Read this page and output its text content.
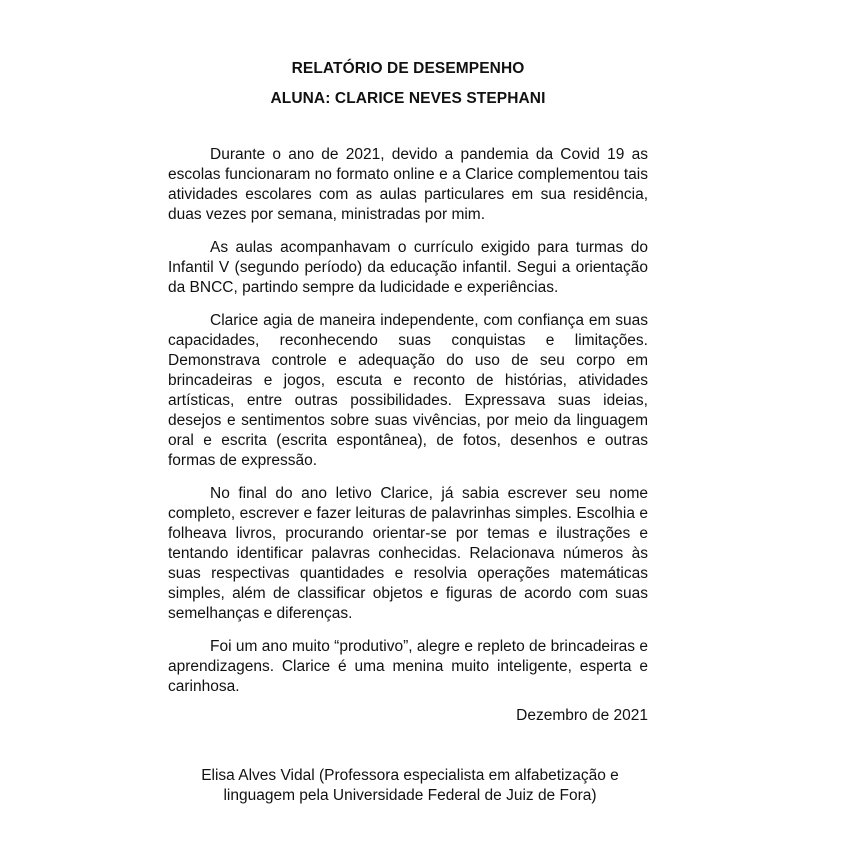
RELATÓRIO DE DESEMPENHO
ALUNA: CLARICE NEVES STEPHANI

Durante o ano de 2021, devido a pandemia da Covid 19 as escolas funcionaram no formato online e a Clarice complementou tais atividades escolares com as aulas particulares em sua residência, duas vezes por semana, ministradas por mim.

As aulas acompanhavam o currículo exigido para turmas do Infantil V (segundo período) da educação infantil. Segui a orientação da BNCC, partindo sempre da ludicidade e experiências.

Clarice agia de maneira independente, com confiança em suas capacidades, reconhecendo suas conquistas e limitações. Demonstrava controle e adequação do uso de seu corpo em brincadeiras e jogos, escuta e reconto de histórias, atividades artísticas, entre outras possibilidades. Expressava suas ideias, desejos e sentimentos sobre suas vivências, por meio da linguagem oral e escrita (escrita espontânea), de fotos, desenhos e outras formas de expressão.

No final do ano letivo Clarice, já sabia escrever seu nome completo, escrever e fazer leituras de palavrinhas simples. Escolhia e folheava livros, procurando orientar-se por temas e ilustrações e tentando identificar palavras conhecidas. Relacionava números às suas respectivas quantidades e resolvia operações matemáticas simples, além de classificar objetos e figuras de acordo com suas semelhanças e diferenças.

Foi um ano muito “produtivo”, alegre e repleto de brincadeiras e aprendizagens. Clarice é uma menina muito inteligente, esperta e carinhosa.

Dezembro de 2021
Elisa Alves Vidal (Professora especialista em alfabetização e
linguagem pela Universidade Federal de Juiz de Fora)
